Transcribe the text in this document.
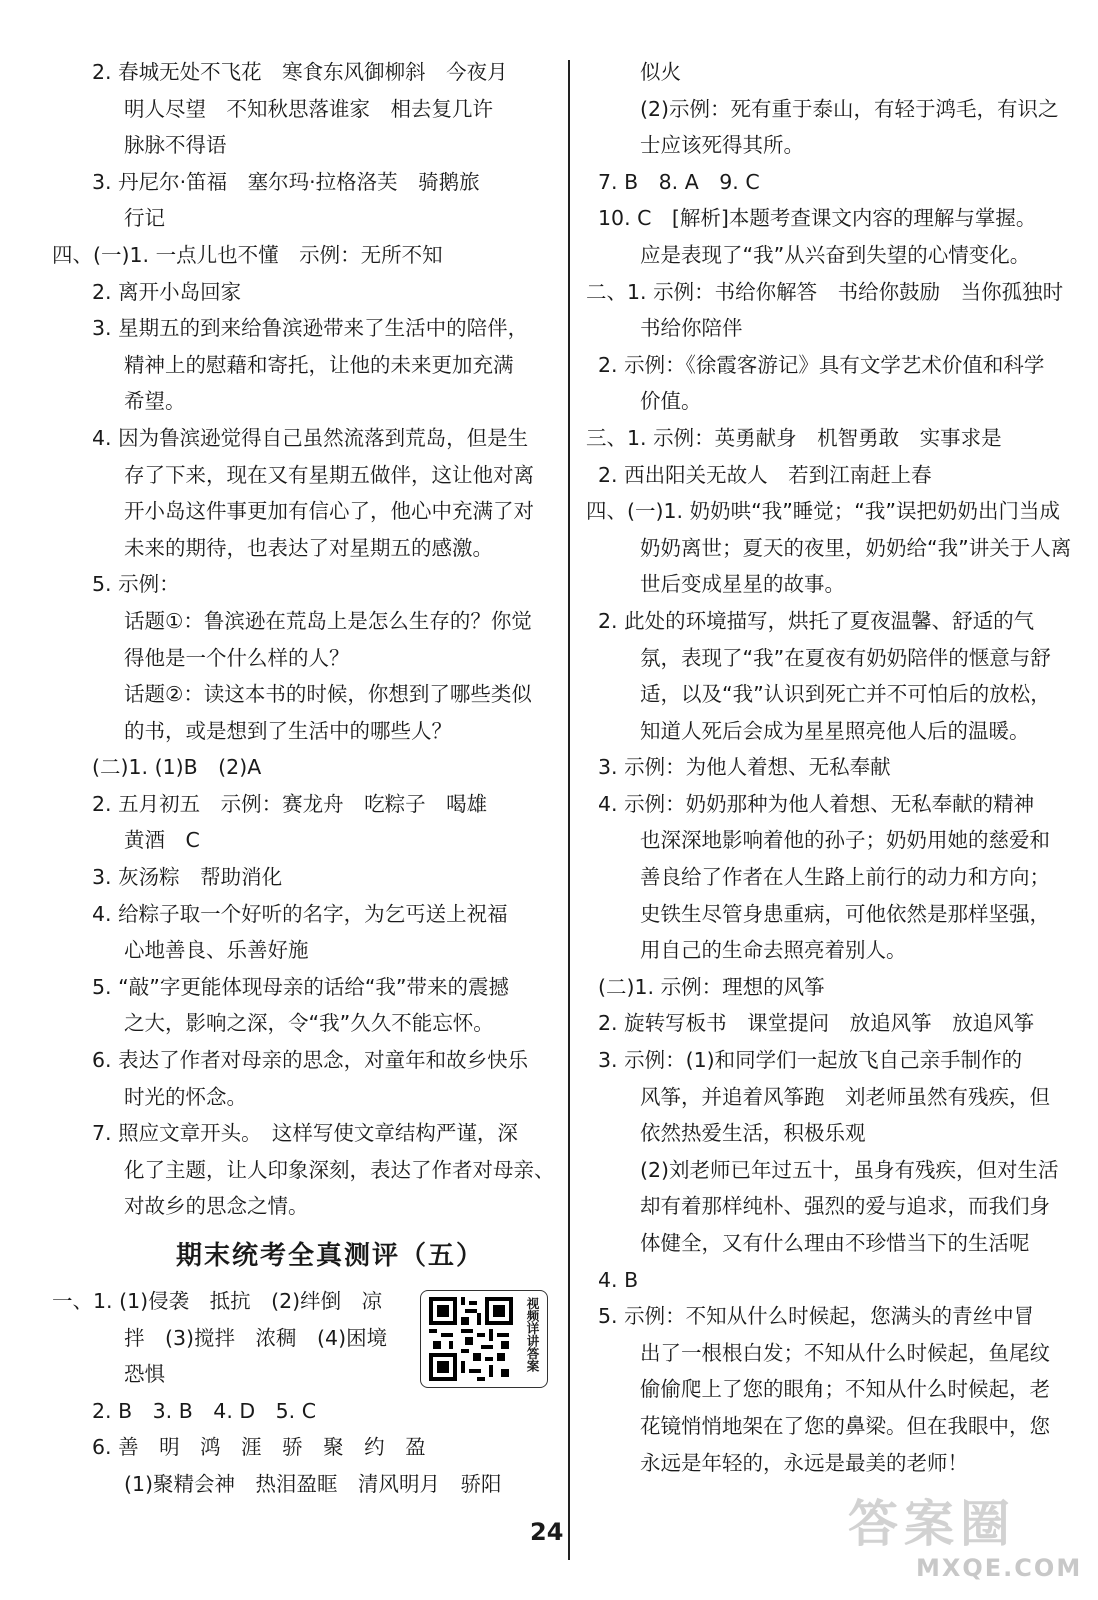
2. 春城无处不飞花　寒食东风御柳斜　今夜月
明人尽望　不知秋思落谁家　相去复几许
脉脉不得语
3. 丹尼尔·笛福　塞尔玛·拉格洛芙　骑鹅旅
行记
四、(一)1. 一点儿也不懂　示例：无所不知
2. 离开小岛回家
3. 星期五的到来给鲁滨逊带来了生活中的陪伴，
精神上的慰藉和寄托，让他的未来更加充满
希望。
4. 因为鲁滨逊觉得自己虽然流落到荒岛，但是生
存了下来，现在又有星期五做伴，这让他对离
开小岛这件事更加有信心了，他心中充满了对
未来的期待，也表达了对星期五的感激。
5. 示例：
话题①：鲁滨逊在荒岛上是怎么生存的？你觉
得他是一个什么样的人？
话题②：读这本书的时候，你想到了哪些类似
的书，或是想到了生活中的哪些人？
(二)1. (1)B　(2)A
2. 五月初五　示例：赛龙舟　吃粽子　喝雄
黄酒　C
3. 灰汤粽　帮助消化
4. 给粽子取一个好听的名字，为乞丐送上祝福
心地善良、乐善好施
5. “敲”字更能体现母亲的话给“我”带来的震撼
之大，影响之深，令“我”久久不能忘怀。
6. 表达了作者对母亲的思念，对童年和故乡快乐
时光的怀念。
7. 照应文章开头。　这样写使文章结构严谨，深
化了主题，让人印象深刻，表达了作者对母亲、
对故乡的思念之情。
期末统考全真测评（五）
一、1. (1)侵袭　抵抗　(2)绊倒　凉
拌　(3)搅拌　浓稠　(4)困境
恐惧
2. B　3. B　4. D　5. C
6. 善　明　鸿　涯　骄　聚　约　盈
(1)聚精会神　热泪盈眶　清风明月　骄阳
视频详讲答案
似火
(2)示例：死有重于泰山，有轻于鸿毛，有识之
士应该死得其所。
7. B　8. A　9. C
10. C　[解析]本题考查课文内容的理解与掌握。
应是表现了“我”从兴奋到失望的心情变化。
二、1. 示例：书给你解答　书给你鼓励　当你孤独时
书给你陪伴
2. 示例：《徐霞客游记》具有文学艺术价值和科学
价值。
三、1. 示例：英勇献身　机智勇敢　实事求是
2. 西出阳关无故人　若到江南赶上春
四、(一)1. 奶奶哄“我”睡觉；“我”误把奶奶出门当成
奶奶离世；夏天的夜里，奶奶给“我”讲关于人离
世后变成星星的故事。
2. 此处的环境描写，烘托了夏夜温馨、舒适的气
氛，表现了“我”在夏夜有奶奶陪伴的惬意与舒
适，以及“我”认识到死亡并不可怕后的放松，
知道人死后会成为星星照亮他人后的温暖。
3. 示例：为他人着想、无私奉献
4. 示例：奶奶那种为他人着想、无私奉献的精神
也深深地影响着他的孙子；奶奶用她的慈爱和
善良给了作者在人生路上前行的动力和方向；
史铁生尽管身患重病，可他依然是那样坚强，
用自己的生命去照亮着别人。
(二)1. 示例：理想的风筝
2. 旋转写板书　课堂提问　放追风筝　放追风筝
3. 示例：(1)和同学们一起放飞自己亲手制作的
风筝，并追着风筝跑　刘老师虽然有残疾，但
依然热爱生活，积极乐观
(2)刘老师已年过五十，虽身有残疾，但对生活
却有着那样纯朴、强烈的爱与追求，而我们身
体健全，又有什么理由不珍惜当下的生活呢
4. B
5. 示例：不知从什么时候起，您满头的青丝中冒
出了一根根白发；不知从什么时候起，鱼尾纹
偷偷爬上了您的眼角；不知从什么时候起，老
花镜悄悄地架在了您的鼻梁。但在我眼中，您
永远是年轻的，永远是最美的老师！
24	答案圈
MXQE.COM
